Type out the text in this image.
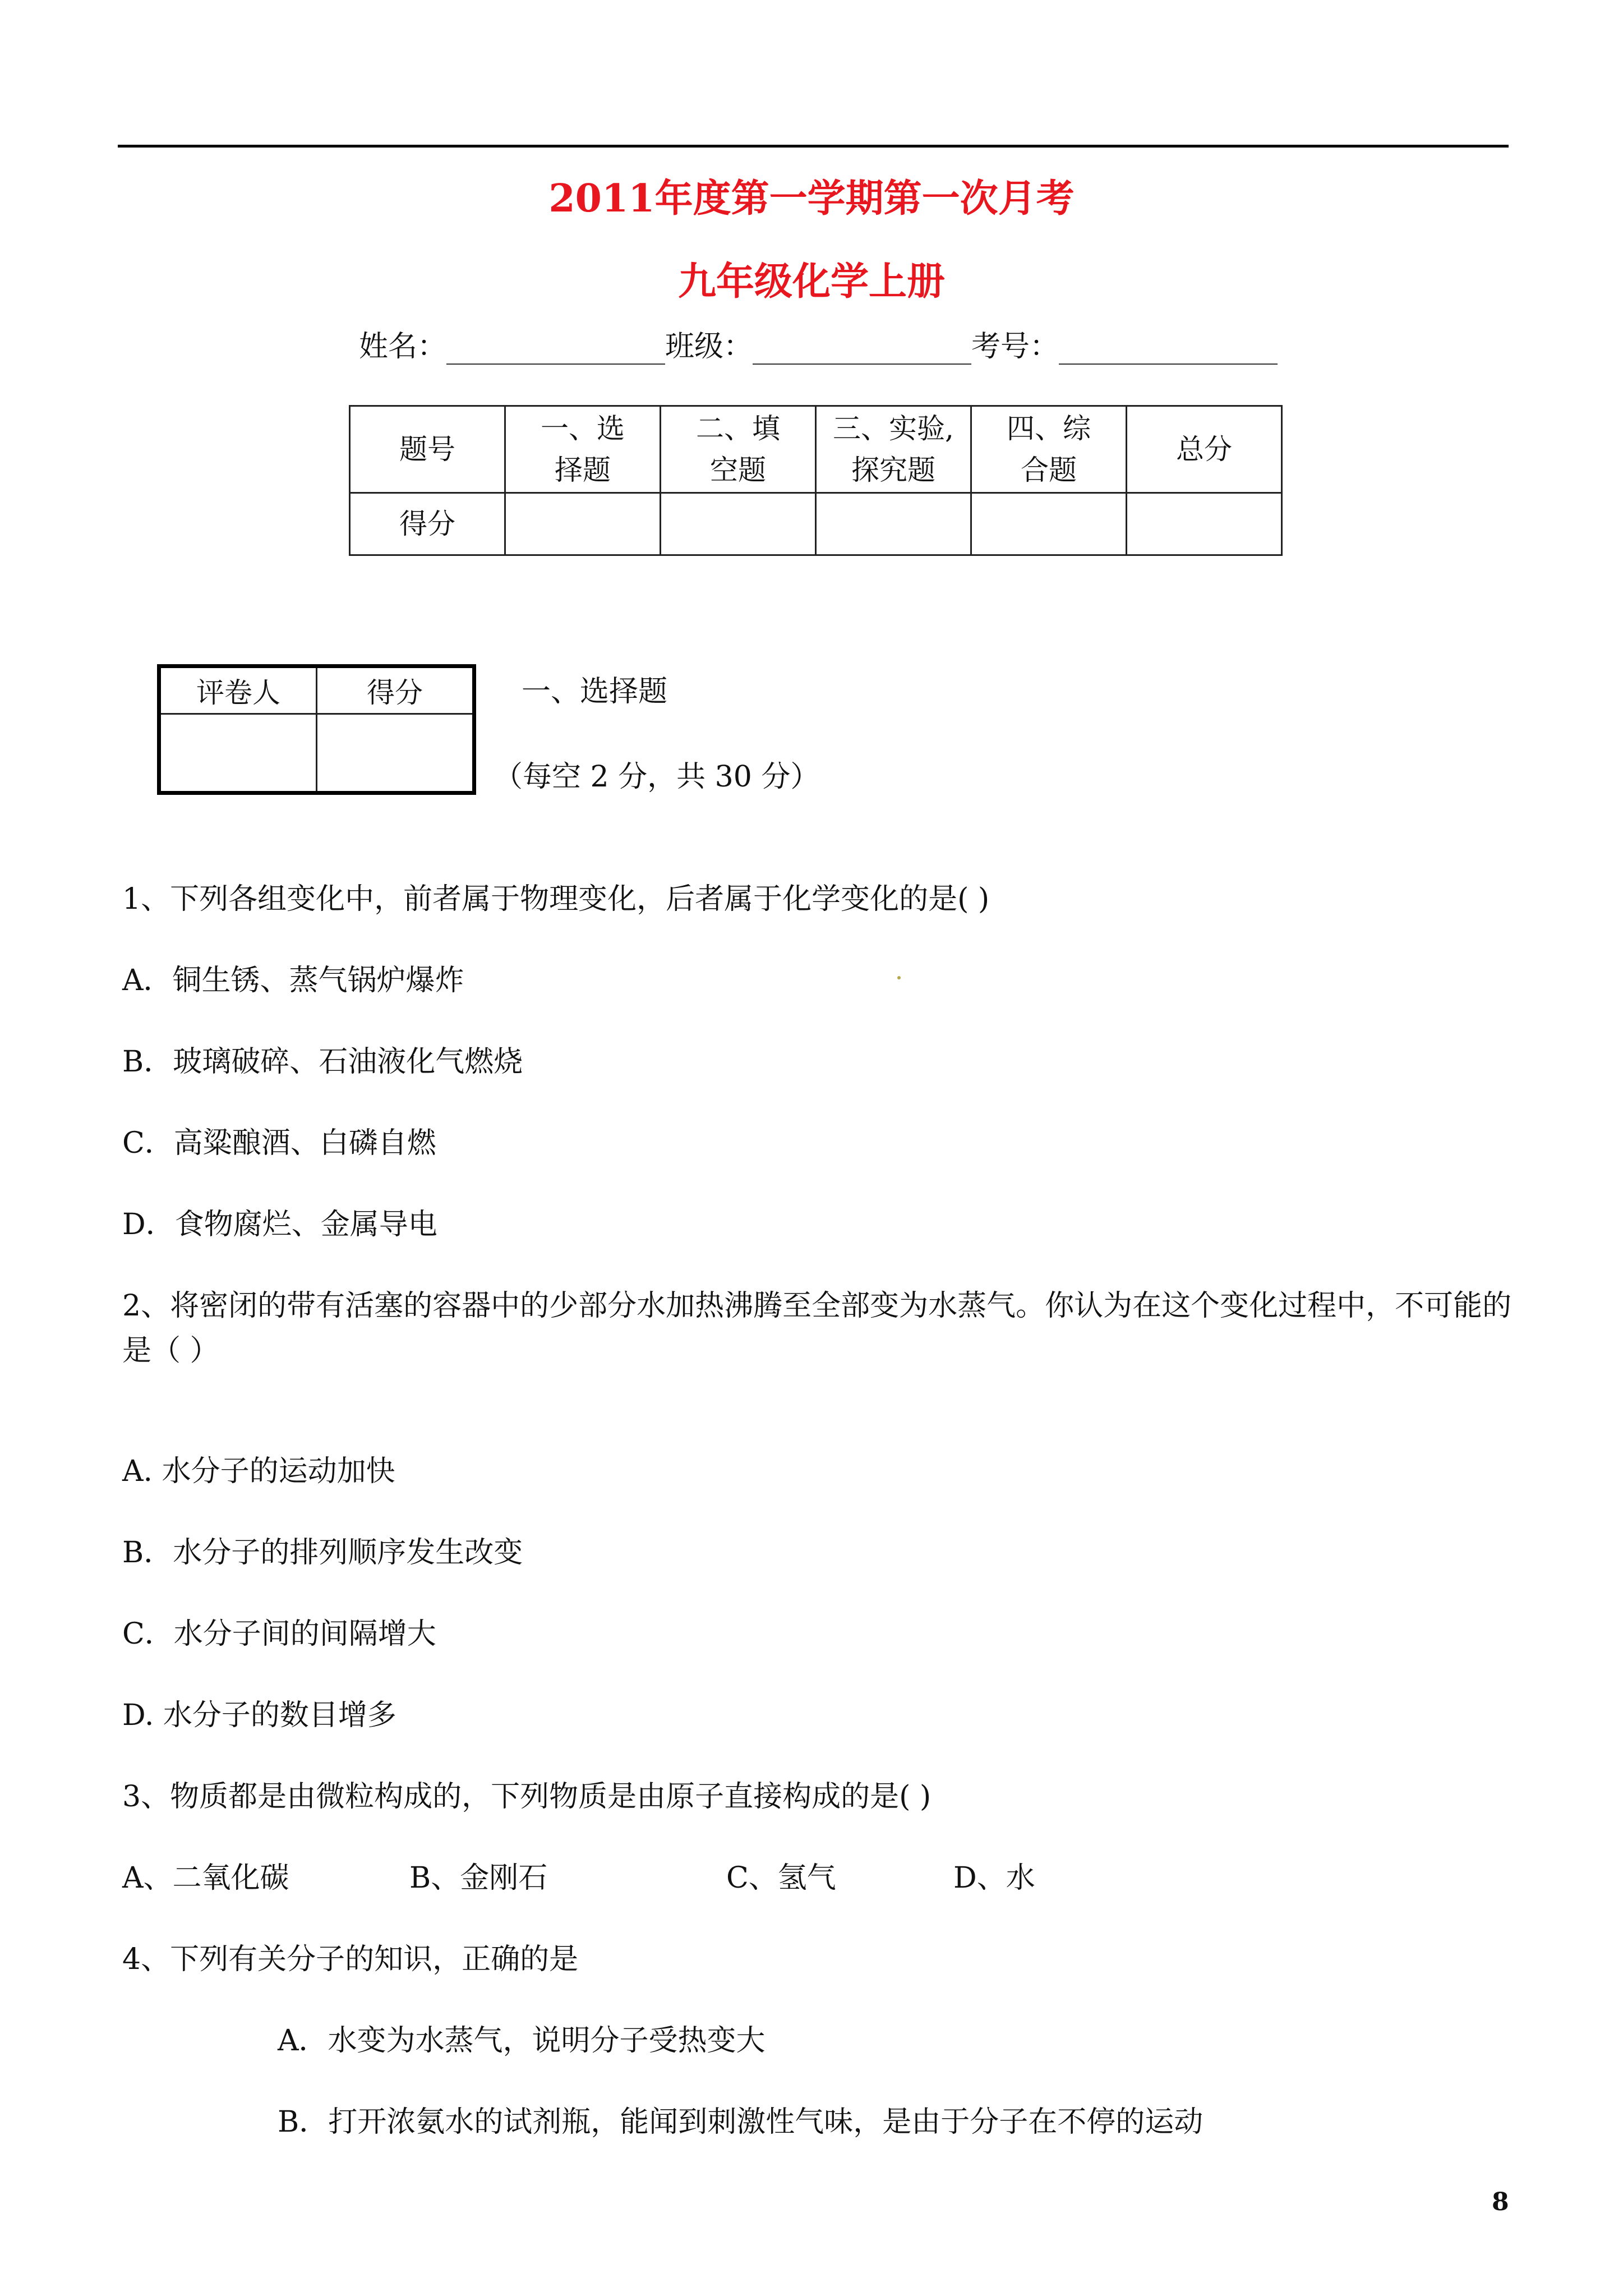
2011年度第一学期第一次月考
九年级化学上册
姓名：	班级：	考号：
题号	一、选择题	二、填空题	三、实验,探究题	四、综合题	总分
得分					
评卷人	得分
		一、选择题
（每空 2 分，共 30 分）
1、下列各组变化中，前者属于物理变化，后者属于化学变化的是( )
A．铜生锈、蒸气锅炉爆炸
B．玻璃破碎、石油液化气燃烧
C．高粱酿酒、白磷自燃
D．食物腐烂、金属导电
2、将密闭的带有活塞的容器中的少部分水加热沸腾至全部变为水蒸气。你认为在这个变化过程中，不可能的
是（ ）
A. 水分子的运动加快
B．水分子的排列顺序发生改变
C．水分子间的间隔增大
D. 水分子的数目增多
3、物质都是由微粒构成的，下列物质是由原子直接构成的是( )
A、二氧化碳	B、金刚石	C、氢气	D、水
4、下列有关分子的知识，正确的是
A．水变为水蒸气，说明分子受热变大
B．打开浓氨水的试剂瓶，能闻到刺激性气味，是由于分子在不停的运动
8
